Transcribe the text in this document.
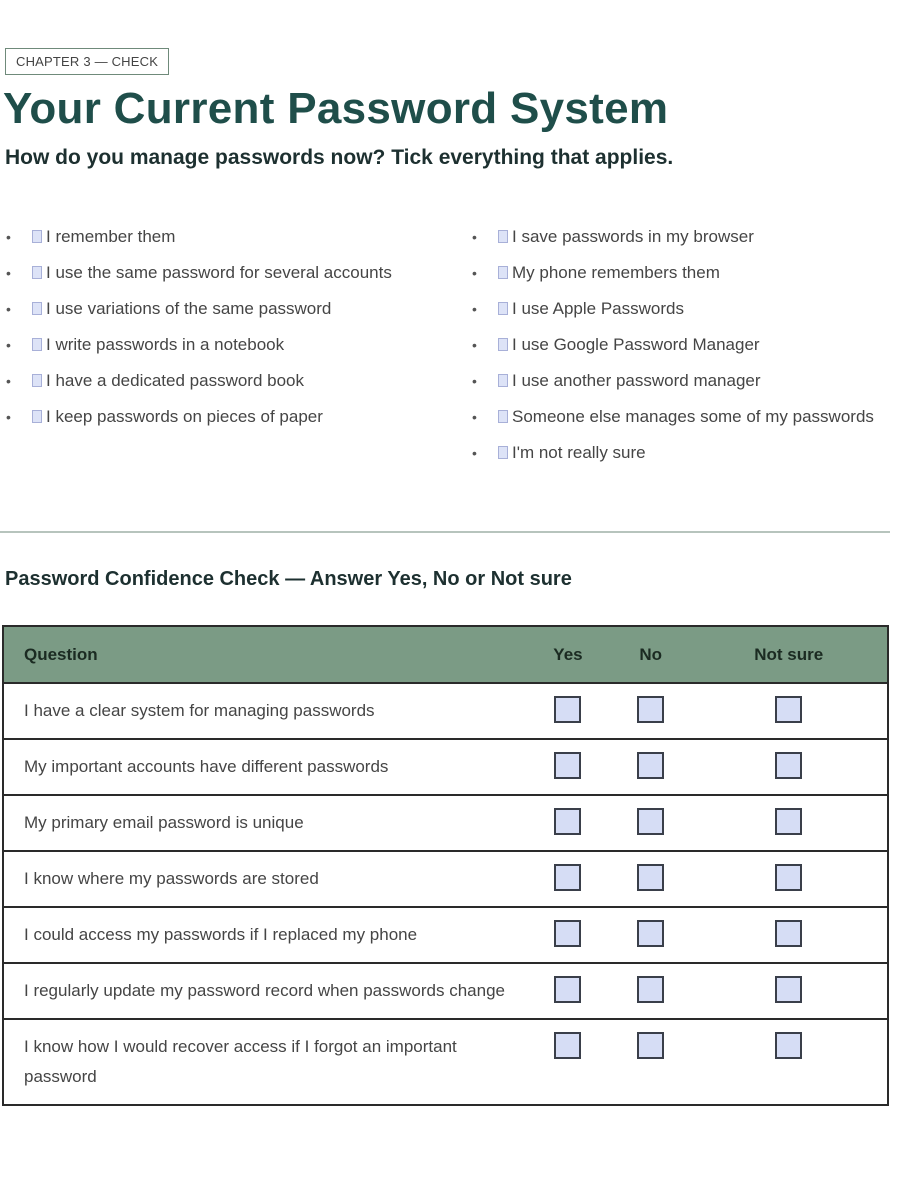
CHAPTER 3 — CHECK
Your Current Password System
How do you manage passwords now? Tick everything that applies.
• I remember them
• I use the same password for several accounts
• I use variations of the same password
• I write passwords in a notebook
• I have a dedicated password book
• I keep passwords on pieces of paper
• I save passwords in my browser
• My phone remembers them
• I use Apple Passwords
• I use Google Password Manager
• I use another password manager
• Someone else manages some of my passwords
• I'm not really sure
Password Confidence Check — Answer Yes, No or Not sure
Question	Yes	No	Not sure
I have a clear system for managing passwords			
My important accounts have different passwords			
My primary email password is unique			
I know where my passwords are stored			
I could access my passwords if I replaced my phone			
I regularly update my password record when passwords change			
I know how I would recover access if I forgot an important password			
